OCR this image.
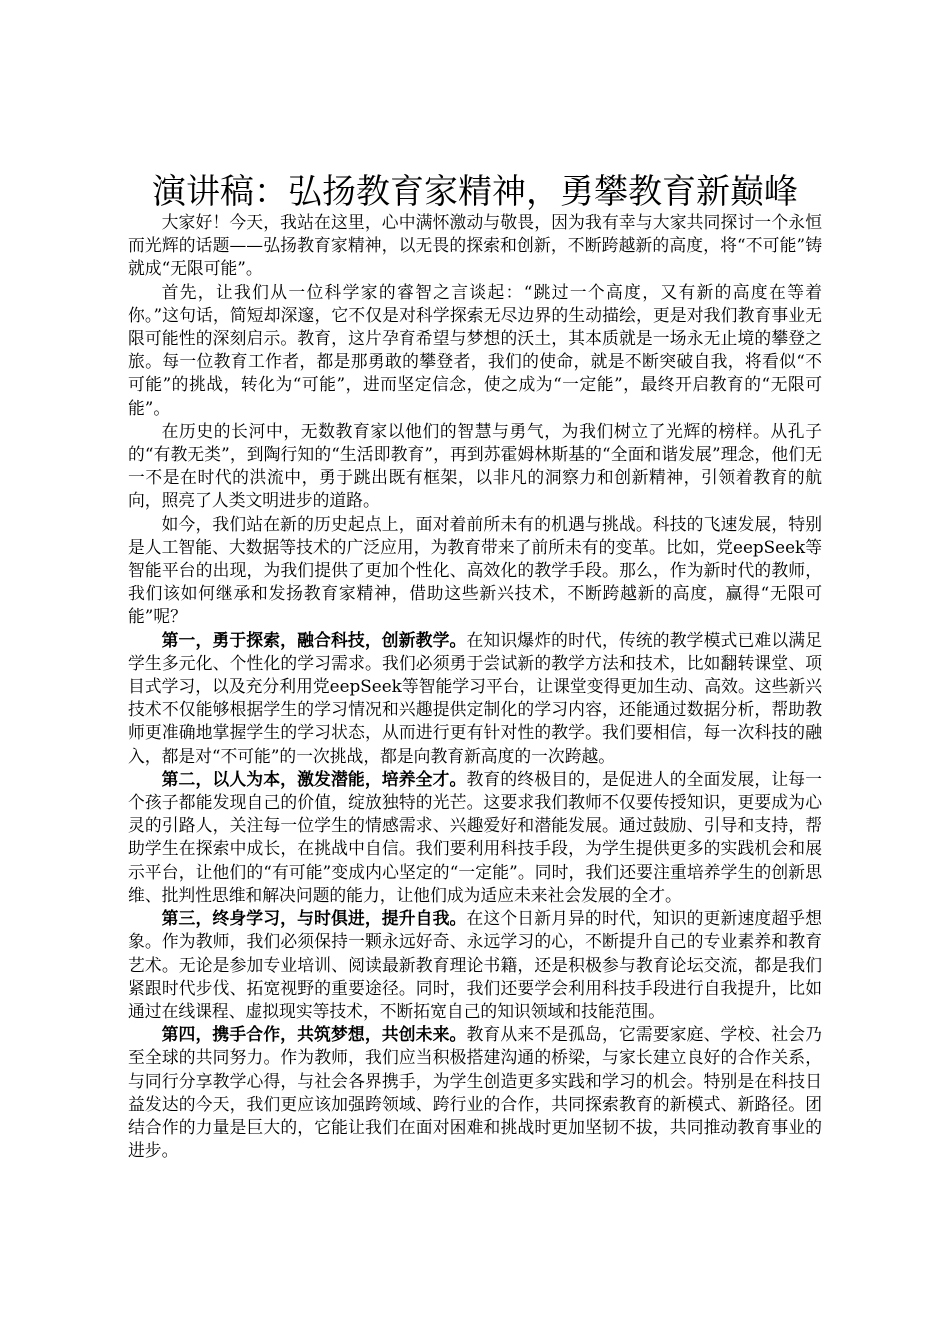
演讲稿：弘扬教育家精神，勇攀教育新巅峰

大家好！今天，我站在这里，心中满怀激动与敬畏，因为我有幸与大家共同探讨一个永恒而光辉的话题——弘扬教育家精神，以无畏的探索和创新，不断跨越新的高度，将“不可能”铸就成“无限可能”。

首先，让我们从一位科学家的睿智之言谈起：“跳过一个高度，又有新的高度在等着你。”这句话，简短却深邃，它不仅是对科学探索无尽边界的生动描绘，更是对我们教育事业无限可能性的深刻启示。教育，这片孕育希望与梦想的沃土，其本质就是一场永无止境的攀登之旅。每一位教育工作者，都是那勇敢的攀登者，我们的使命，就是不断突破自我，将看似“不可能”的挑战，转化为“可能”，进而坚定信念，使之成为“一定能”，最终开启教育的“无限可能”。

在历史的长河中，无数教育家以他们的智慧与勇气，为我们树立了光辉的榜样。从孔子的“有教无类”，到陶行知的“生活即教育”，再到苏霍姆林斯基的“全面和谐发展”理念，他们无一不是在时代的洪流中，勇于跳出既有框架，以非凡的洞察力和创新精神，引领着教育的航向，照亮了人类文明进步的道路。

如今，我们站在新的历史起点上，面对着前所未有的机遇与挑战。科技的飞速发展，特别是人工智能、大数据等技术的广泛应用，为教育带来了前所未有的变革。比如，党eepSeek等智能平台的出现，为我们提供了更加个性化、高效化的教学手段。那么，作为新时代的教师，我们该如何继承和发扬教育家精神，借助这些新兴技术，不断跨越新的高度，赢得“无限可能”呢？

第一，勇于探索，融合科技，创新教学。在知识爆炸的时代，传统的教学模式已难以满足学生多元化、个性化的学习需求。我们必须勇于尝试新的教学方法和技术，比如翻转课堂、项目式学习，以及充分利用党eepSeek等智能学习平台，让课堂变得更加生动、高效。这些新兴技术不仅能够根据学生的学习情况和兴趣提供定制化的学习内容，还能通过数据分析，帮助教师更准确地掌握学生的学习状态，从而进行更有针对性的教学。我们要相信，每一次科技的融入，都是对“不可能”的一次挑战，都是向教育新高度的一次跨越。

第二，以人为本，激发潜能，培养全才。教育的终极目的，是促进人的全面发展，让每一个孩子都能发现自己的价值，绽放独特的光芒。这要求我们教师不仅要传授知识，更要成为心灵的引路人，关注每一位学生的情感需求、兴趣爱好和潜能发展。通过鼓励、引导和支持，帮助学生在探索中成长，在挑战中自信。我们要利用科技手段，为学生提供更多的实践机会和展示平台，让他们的“有可能”变成内心坚定的“一定能”。同时，我们还要注重培养学生的创新思维、批判性思维和解决问题的能力，让他们成为适应未来社会发展的全才。

第三，终身学习，与时俱进，提升自我。在这个日新月异的时代，知识的更新速度超乎想象。作为教师，我们必须保持一颗永远好奇、永远学习的心，不断提升自己的专业素养和教育艺术。无论是参加专业培训、阅读最新教育理论书籍，还是积极参与教育论坛交流，都是我们紧跟时代步伐、拓宽视野的重要途径。同时，我们还要学会利用科技手段进行自我提升，比如通过在线课程、虚拟现实等技术，不断拓宽自己的知识领域和技能范围。

第四，携手合作，共筑梦想，共创未来。教育从来不是孤岛，它需要家庭、学校、社会乃至全球的共同努力。作为教师，我们应当积极搭建沟通的桥梁，与家长建立良好的合作关系，与同行分享教学心得，与社会各界携手，为学生创造更多实践和学习的机会。特别是在科技日益发达的今天，我们更应该加强跨领域、跨行业的合作，共同探索教育的新模式、新路径。团结合作的力量是巨大的，它能让我们在面对困难和挑战时更加坚韧不拔，共同推动教育事业的进步。
